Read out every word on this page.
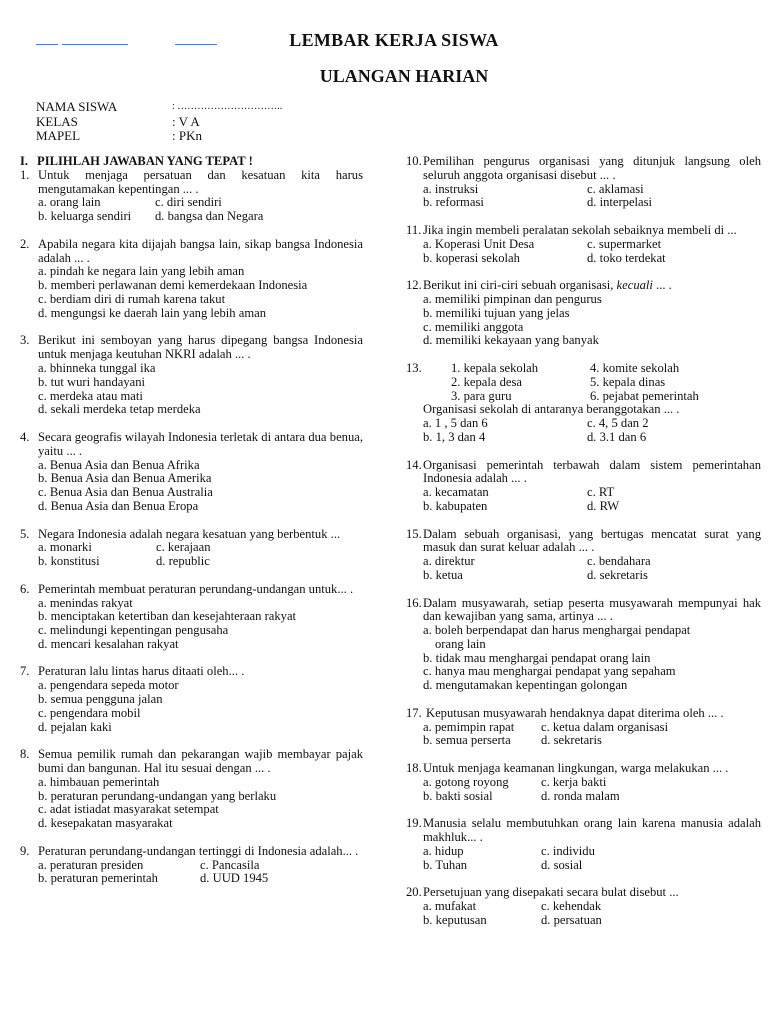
LEMBAR KERJA SISWA
ULANGAN HARIAN
NAMA SISWA	: …………………………..
KELAS	: V A
MAPEL	: PKn
I. PILIHLAH JAWABAN YANG TEPAT !
1. Untuk menjaga persatuan dan kesatuan kita harus mengutamakan kepentingan ... .
a. orang lain	c. diri sendiri
b. keluarga sendiri	d. bangsa dan Negara
2. Apabila negara kita dijajah bangsa lain, sikap bangsa Indonesia adalah ... .
a. pindah ke negara lain yang lebih aman
b. memberi perlawanan demi kemerdekaan Indonesia
c. berdiam diri di rumah karena takut
d. mengungsi ke daerah lain yang lebih aman
3. Berikut ini semboyan yang harus dipegang bangsa Indonesia untuk menjaga keutuhan NKRI adalah ... .
a. bhinneka tunggal ika
b. tut wuri handayani
c. merdeka atau mati
d. sekali merdeka tetap merdeka
4. Secara geografis wilayah Indonesia terletak di antara dua benua, yaitu ... .
a. Benua Asia dan Benua Afrika
b. Benua Asia dan Benua Amerika
c. Benua Asia dan Benua Australia
d. Benua Asia dan Benua Eropa
5. Negara Indonesia adalah negara kesatuan yang berbentuk ...
a. monarki	c. kerajaan
b. konstitusi	d. republic
6. Pemerintah membuat peraturan perundang-undangan untuk... .
a. menindas rakyat
b. menciptakan ketertiban dan kesejahteraan rakyat
c. melindungi kepentingan pengusaha
d. mencari kesalahan rakyat
7. Peraturan lalu lintas harus ditaati oleh... .
a. pengendara sepeda motor
b. semua pengguna jalan
c. pengendara mobil
d. pejalan kaki
8. Semua pemilik rumah dan pekarangan wajib membayar pajak bumi dan bangunan. Hal itu sesuai dengan ... .
a. himbauan pemerintah
b. peraturan perundang-undangan yang berlaku
c. adat istiadat masyarakat setempat
d. kesepakatan masyarakat
9. Peraturan perundang-undangan tertinggi di Indonesia adalah... .
a. peraturan presiden	c. Pancasila
b. peraturan pemerintah	d. UUD 1945
10. Pemilihan pengurus organisasi yang ditunjuk langsung oleh seluruh anggota organisasi disebut ... .
a. instruksi	c. aklamasi
b. reformasi	d. interpelasi
11. Jika ingin membeli peralatan sekolah sebaiknya membeli di ...
a. Koperasi Unit Desa	c. supermarket
b. koperasi sekolah	d. toko terdekat
12. Berikut ini ciri-ciri sebuah organisasi, kecuali ... .
a. memiliki pimpinan dan pengurus
b. memiliki tujuan yang jelas
c. memiliki anggota
d. memiliki kekayaan yang banyak
13.	1. kepala sekolah	4. komite sekolah
2. kepala desa	5. kepala dinas
3. para guru	6. pejabat pemerintah
Organisasi sekolah di antaranya beranggotakan ... .
a. 1 , 5 dan 6	c. 4, 5 dan 2
b. 1, 3 dan 4	d. 3.1 dan 6
14. Organisasi pemerintah terbawah dalam sistem pemerintahan Indonesia adalah ... .
a. kecamatan	c. RT
b. kabupaten	d. RW
15. Dalam sebuah organisasi, yang bertugas mencatat surat yang masuk dan surat keluar adalah ... .
a. direktur	c. bendahara
b. ketua	d. sekretaris
16. Dalam musyawarah, setiap peserta musyawarah mempunyai hak dan kewajiban yang sama, artinya ... .
a. boleh berpendapat dan harus menghargai pendapat
orang lain
b. tidak mau menghargai pendapat orang lain
c. hanya mau menghargai pendapat yang sepaham
d. mengutamakan kepentingan golongan
17. Keputusan musyawarah hendaknya dapat diterima oleh ... .
a. pemimpin rapat	c. ketua dalam organisasi
b. semua perserta	d. sekretaris
18. Untuk menjaga keamanan lingkungan, warga melakukan ... .
a. gotong royong	c. kerja bakti
b. bakti sosial	d. ronda malam
19. Manusia selalu membutuhkan orang lain karena manusia adalah makhluk... .
a. hidup	c. individu
b. Tuhan	d. sosial
20. Persetujuan yang disepakati secara bulat disebut ...
a. mufakat	c. kehendak
b. keputusan	d. persatuan
